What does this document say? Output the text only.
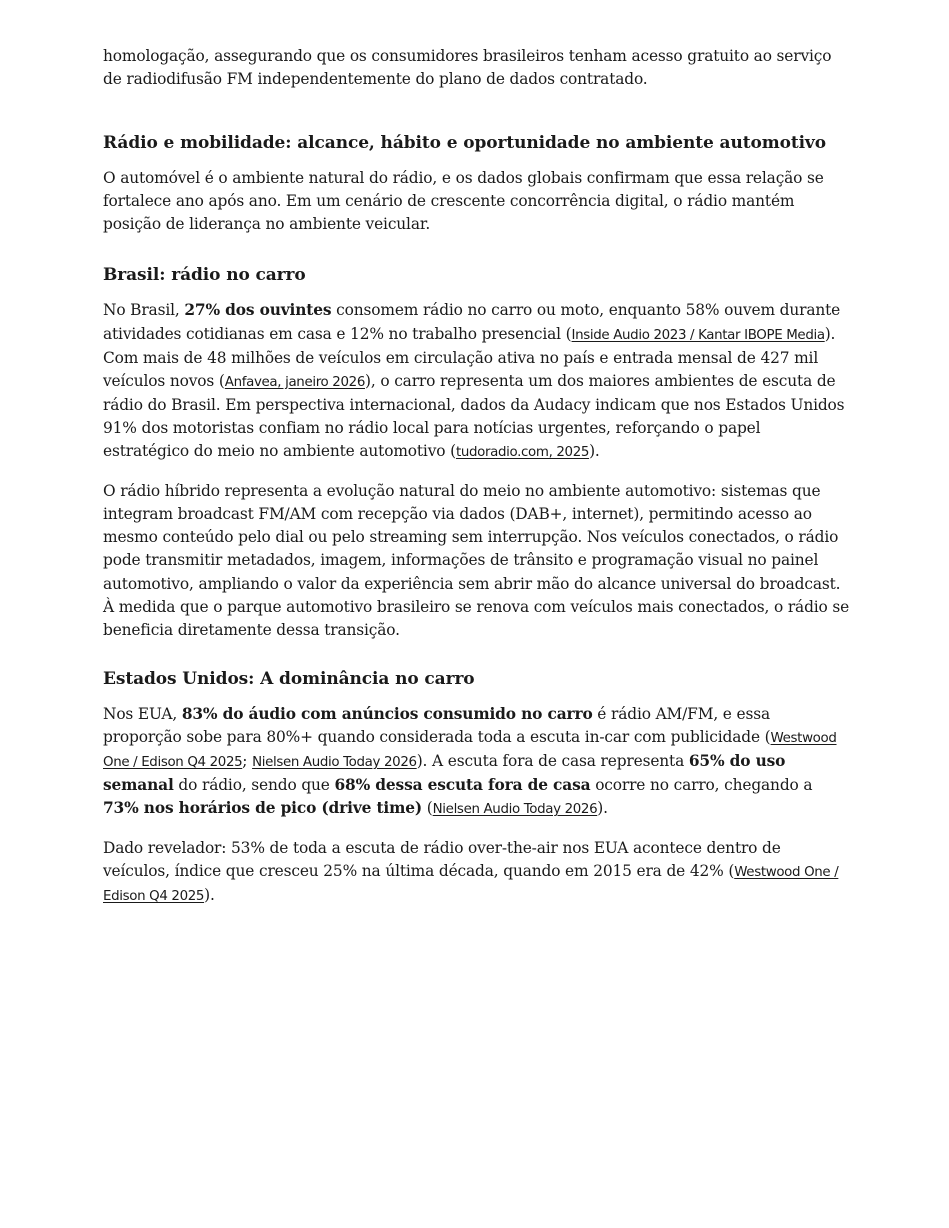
homologação, assegurando que os consumidores brasileiros tenham acesso gratuito ao serviço de radiodifusão FM independentemente do plano de dados contratado.

Rádio e mobilidade: alcance, hábito e oportunidade no ambiente automotivo

O automóvel é o ambiente natural do rádio, e os dados globais confirmam que essa relação se fortalece ano após ano. Em um cenário de crescente concorrência digital, o rádio mantém posição de liderança no ambiente veicular.

Brasil: rádio no carro

No Brasil, 27% dos ouvintes consomem rádio no carro ou moto, enquanto 58% ouvem durante atividades cotidianas em casa e 12% no trabalho presencial (Inside Audio 2023 / Kantar IBOPE Media). Com mais de 48 milhões de veículos em circulação ativa no país e entrada mensal de 427 mil veículos novos (Anfavea, janeiro 2026), o carro representa um dos maiores ambientes de escuta de rádio do Brasil. Em perspectiva internacional, dados da Audacy indicam que nos Estados Unidos 91% dos motoristas confiam no rádio local para notícias urgentes, reforçando o papel estratégico do meio no ambiente automotivo (tudoradio.com, 2025).

O rádio híbrido representa a evolução natural do meio no ambiente automotivo: sistemas que integram broadcast FM/AM com recepção via dados (DAB+, internet), permitindo acesso ao mesmo conteúdo pelo dial ou pelo streaming sem interrupção. Nos veículos conectados, o rádio pode transmitir metadados, imagem, informações de trânsito e programação visual no painel automotivo, ampliando o valor da experiência sem abrir mão do alcance universal do broadcast. À medida que o parque automotivo brasileiro se renova com veículos mais conectados, o rádio se beneficia diretamente dessa transição.

Estados Unidos: A dominância no carro

Nos EUA, 83% do áudio com anúncios consumido no carro é rádio AM/FM, e essa proporção sobe para 80%+ quando considerada toda a escuta in-car com publicidade (Westwood One / Edison Q4 2025; Nielsen Audio Today 2026). A escuta fora de casa representa 65% do uso semanal do rádio, sendo que 68% dessa escuta fora de casa ocorre no carro, chegando a 73% nos horários de pico (drive time) (Nielsen Audio Today 2026).

Dado revelador: 53% de toda a escuta de rádio over-the-air nos EUA acontece dentro de veículos, índice que cresceu 25% na última década, quando em 2015 era de 42% (Westwood One / Edison Q4 2025).
